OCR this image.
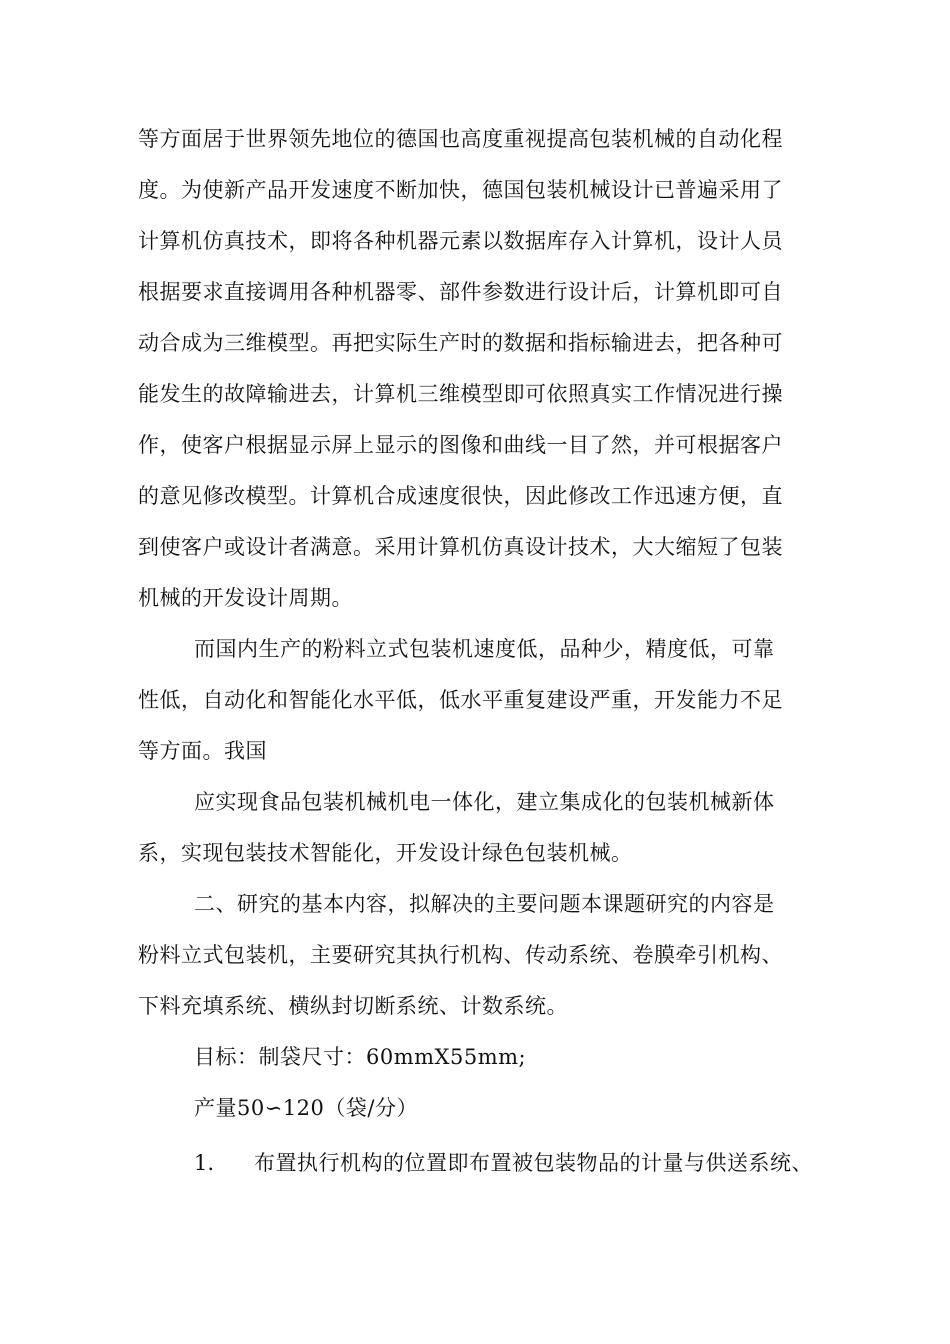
等方面居于世界领先地位的德国也高度重视提高包装机械的自动化程
度。为使新产品开发速度不断加快，德国包装机械设计已普遍采用了
计算机仿真技术，即将各种机器元素以数据库存入计算机，设计人员
根据要求直接调用各种机器零、部件参数进行设计后，计算机即可自
动合成为三维模型。再把实际生产时的数据和指标输进去，把各种可
能发生的故障输进去，计算机三维模型即可依照真实工作情况进行操
作，使客户根据显示屏上显示的图像和曲线一目了然，并可根据客户
的意见修改模型。计算机合成速度很快，因此修改工作迅速方便，直
到使客户或设计者满意。采用计算机仿真设计技术，大大缩短了包装
机械的开发设计周期。
而国内生产的粉料立式包装机速度低，品种少，精度低，可靠
性低，自动化和智能化水平低，低水平重复建设严重，开发能力不足
等方面。我国
应实现食品包装机械机电一体化，建立集成化的包装机械新体
系，实现包装技术智能化，开发设计绿色包装机械。
二、研究的基本内容，拟解决的主要问题本课题研究的内容是
粉料立式包装机，主要研究其执行机构、传动系统、卷膜牵引机构、
下料充填系统、横纵封切断系统、计数系统。
目标：制袋尺寸：60mmX55mm;
产量50∽120（袋/分）
1. 布置执行机构的位置即布置被包装物品的计量与供送系统、
